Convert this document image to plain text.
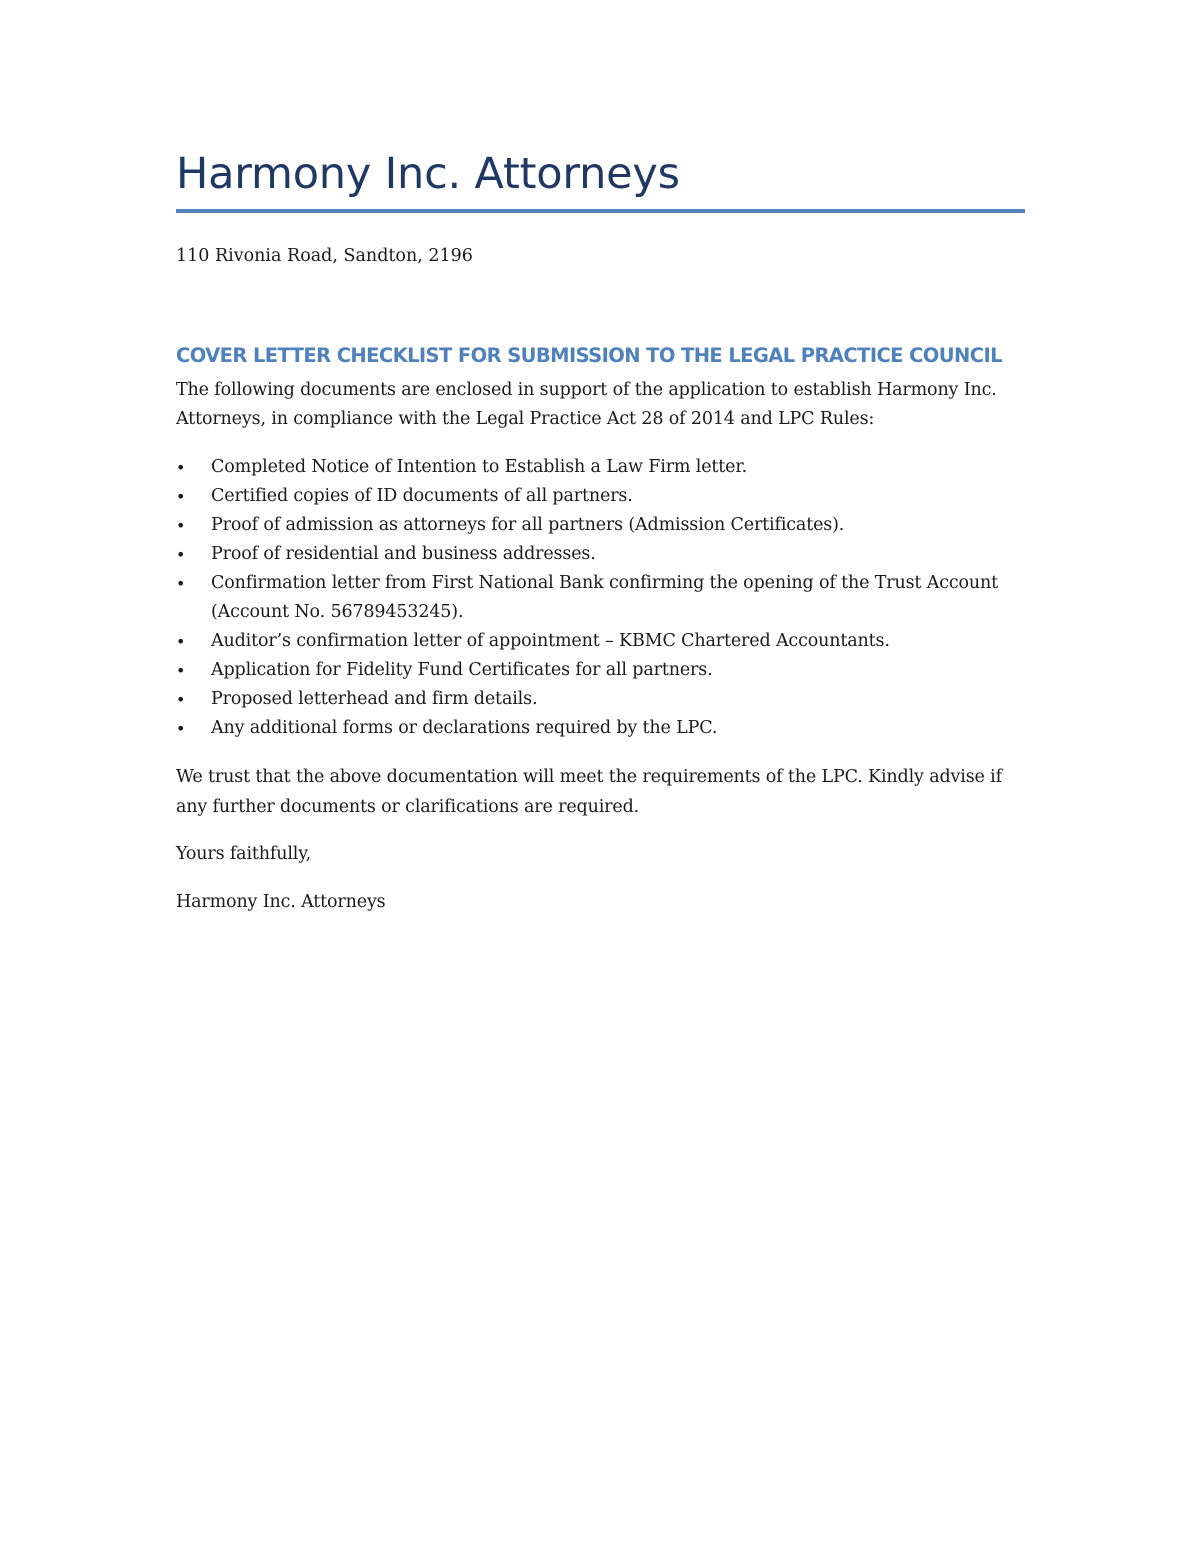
Harmony Inc. Attorneys

110 Rivonia Road, Sandton, 2196

COVER LETTER CHECKLIST FOR SUBMISSION TO THE LEGAL PRACTICE COUNCIL

The following documents are enclosed in support of the application to establish Harmony Inc. Attorneys, in compliance with the Legal Practice Act 28 of 2014 and LPC Rules:

• Completed Notice of Intention to Establish a Law Firm letter.
• Certified copies of ID documents of all partners.
• Proof of admission as attorneys for all partners (Admission Certificates).
• Proof of residential and business addresses.
• Confirmation letter from First National Bank confirming the opening of the Trust Account (Account No. 56789453245).
• Auditor’s confirmation letter of appointment – KBMC Chartered Accountants.
• Application for Fidelity Fund Certificates for all partners.
• Proposed letterhead and firm details.
• Any additional forms or declarations required by the LPC.

We trust that the above documentation will meet the requirements of the LPC. Kindly advise if any further documents or clarifications are required.

Yours faithfully,

Harmony Inc. Attorneys
